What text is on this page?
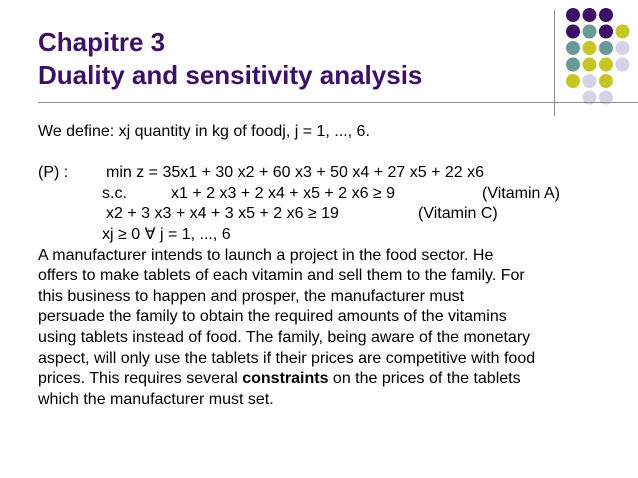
Chapitre 3
Duality and sensitivity analysis
We define: xj quantity in kg of foodj, j = 1, ..., 6.
(P) : min z = 35x1 + 30 x2 + 60 x3 + 50 x4 + 27 x5 + 22 x6
s.c.	x1 + 2 x3 + 2 x4 + x5 + 2 x6 ≥ 9	(Vitamin A)
x2 + 3 x3 + x4 + 3 x5 + 2 x6 ≥ 19	(Vitamin C)
xj ≥ 0 ∀ j = 1, ..., 6
A manufacturer intends to launch a project in the food sector. He
offers to make tablets of each vitamin and sell them to the family. For
this business to happen and prosper, the manufacturer must
persuade the family to obtain the required amounts of the vitamins
using tablets instead of food. The family, being aware of the monetary
aspect, will only use the tablets if their prices are competitive with food
prices. This requires several constraints on the prices of the tablets
which the manufacturer must set.
